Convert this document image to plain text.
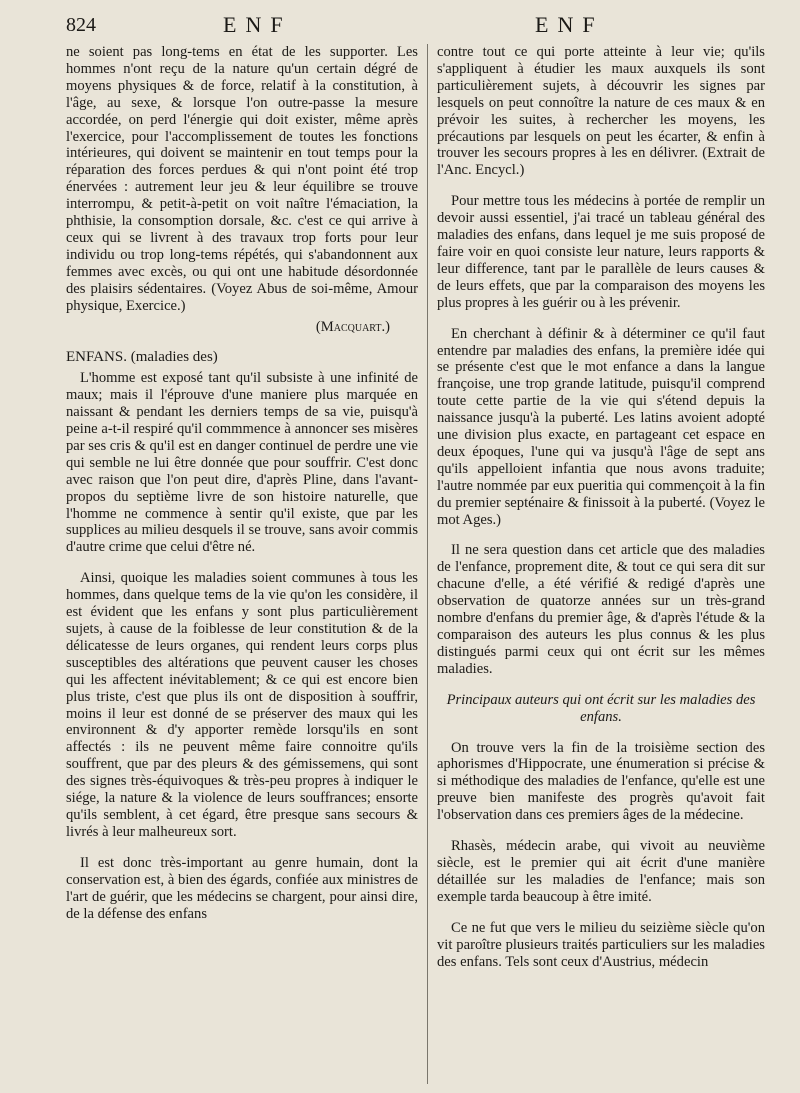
824	ENF	ENF

ne soient pas long-tems en état de les supporter. Les hommes n'ont reçu de la nature qu'un certain dégré de moyens physiques & de force, relatif à la constitution, à l'âge, au sexe, & lorsque l'on outre-passe la mesure accordée, on perd l'énergie qui doit exister, même après l'exercice, pour l'accomplissement de toutes les fonctions intérieures, qui doivent se maintenir en tout temps pour la réparation des forces perdues & qui n'ont point été trop énervées : autrement leur jeu & leur équilibre se trouve interrompu, & petit-à-petit on voit naître l'émaciation, la phthisie, la consomption dorsale, &c. c'est ce qui arrive à ceux qui se livrent à des travaux trop forts pour leur individu ou trop long-tems répétés, qui s'abandonnent aux femmes avec excès, ou qui ont une habitude désordonnée des plaisirs sédentaires. (Voyez Abus de soi-même, Amour physique, Exercice.)

(Macquart.)

ENFANS. (maladies des)

L'homme est exposé tant qu'il subsiste à une infinité de maux; mais il l'éprouve d'une maniere plus marquée en naissant & pendant les derniers temps de sa vie, puisqu'à peine a-t-il respiré qu'il commmence à annoncer ses misères par ses cris & qu'il est en danger continuel de perdre une vie qui semble ne lui être donnée que pour souffrir. C'est donc avec raison que l'on peut dire, d'après Pline, dans l'avant-propos du septième livre de son histoire naturelle, que l'homme ne commence à sentir qu'il existe, que par les supplices au milieu desquels il se trouve, sans avoir commis d'autre crime que celui d'être né.

Ainsi, quoique les maladies soient communes à tous les hommes, dans quelque tems de la vie qu'on les considère, il est évident que les enfans y sont plus particulièrement sujets, à cause de la foiblesse de leur constitution & de la délicatesse de leurs organes, qui rendent leurs corps plus susceptibles des altérations que peuvent causer les choses qui les affectent inévitablement; & ce qui est encore bien plus triste, c'est que plus ils ont de disposition à souffrir, moins il leur est donné de se préserver des maux qui les environnent & d'y apporter remède lorsqu'ils en sont affectés : ils ne peuvent même faire connoitre qu'ils souffrent, que par des pleurs & des gémissemens, qui sont des signes très-équivoques & très-peu propres à indiquer le siége, la nature & la violence de leurs souffrances; ensorte qu'ils semblent, à cet égard, être presque sans secours & livrés à leur malheureux sort.

Il est donc très-important au genre humain, dont la conservation est, à bien des égards, confiée aux ministres de l'art de guérir, que les médecins se chargent, pour ainsi dire, de la défense des enfans

contre tout ce qui porte atteinte à leur vie; qu'ils s'appliquent à étudier les maux auxquels ils sont particulièrement sujets, à découvrir les signes par lesquels on peut connoître la nature de ces maux & en prévoir les suites, à rechercher les moyens, les précautions par lesquels on peut les écarter, & enfin à trouver les secours propres à les en délivrer. (Extrait de l'Anc. Encycl.)

Pour mettre tous les médecins à portée de remplir un devoir aussi essentiel, j'ai tracé un tableau général des maladies des enfans, dans lequel je me suis proposé de faire voir en quoi consiste leur nature, leurs rapports & leur difference, tant par le parallèle de leurs causes & de leurs effets, que par la comparaison des moyens les plus propres à les guérir ou à les prévenir.

En cherchant à définir & à déterminer ce qu'il faut entendre par maladies des enfans, la première idée qui se présente c'est que le mot enfance a dans la langue françoise, une trop grande latitude, puisqu'il comprend toute cette partie de la vie qui s'étend depuis la naissance jusqu'à la puberté. Les latins avoient adopté une division plus exacte, en partageant cet espace en deux époques, l'une qui va jusqu'à l'âge de sept ans qu'ils appelloient infantia que nous avons traduite; l'autre nommée par eux pueritia qui commençoit à la fin du premier septénaire & finissoit à la puberté. (Voyez le mot Ages.)

Il ne sera question dans cet article que des maladies de l'enfance, proprement dite, & tout ce qui sera dit sur chacune d'elle, a été vérifié & redigé d'après une observation de quatorze années sur un très-grand nombre d'enfans du premier âge, & d'après l'étude & la comparaison des auteurs les plus connus & les plus distingués parmi ceux qui ont écrit sur les mêmes maladies.

Principaux auteurs qui ont écrit sur les maladies des enfans.

On trouve vers la fin de la troisième section des aphorismes d'Hippocrate, une énumeration si précise & si méthodique des maladies de l'enfance, qu'elle est une preuve bien manifeste des progrès qu'avoit fait l'observation dans ces premiers âges de la médecine.

Rhasès, médecin arabe, qui vivoit au neuvième siècle, est le premier qui ait écrit d'une manière détaillée sur les maladies de l'enfance; mais son exemple tarda beaucoup à être imité.

Ce ne fut que vers le milieu du seizième siècle qu'on vit paroître plusieurs traités particuliers sur les maladies des enfans. Tels sont ceux d'Austrius, médecin
